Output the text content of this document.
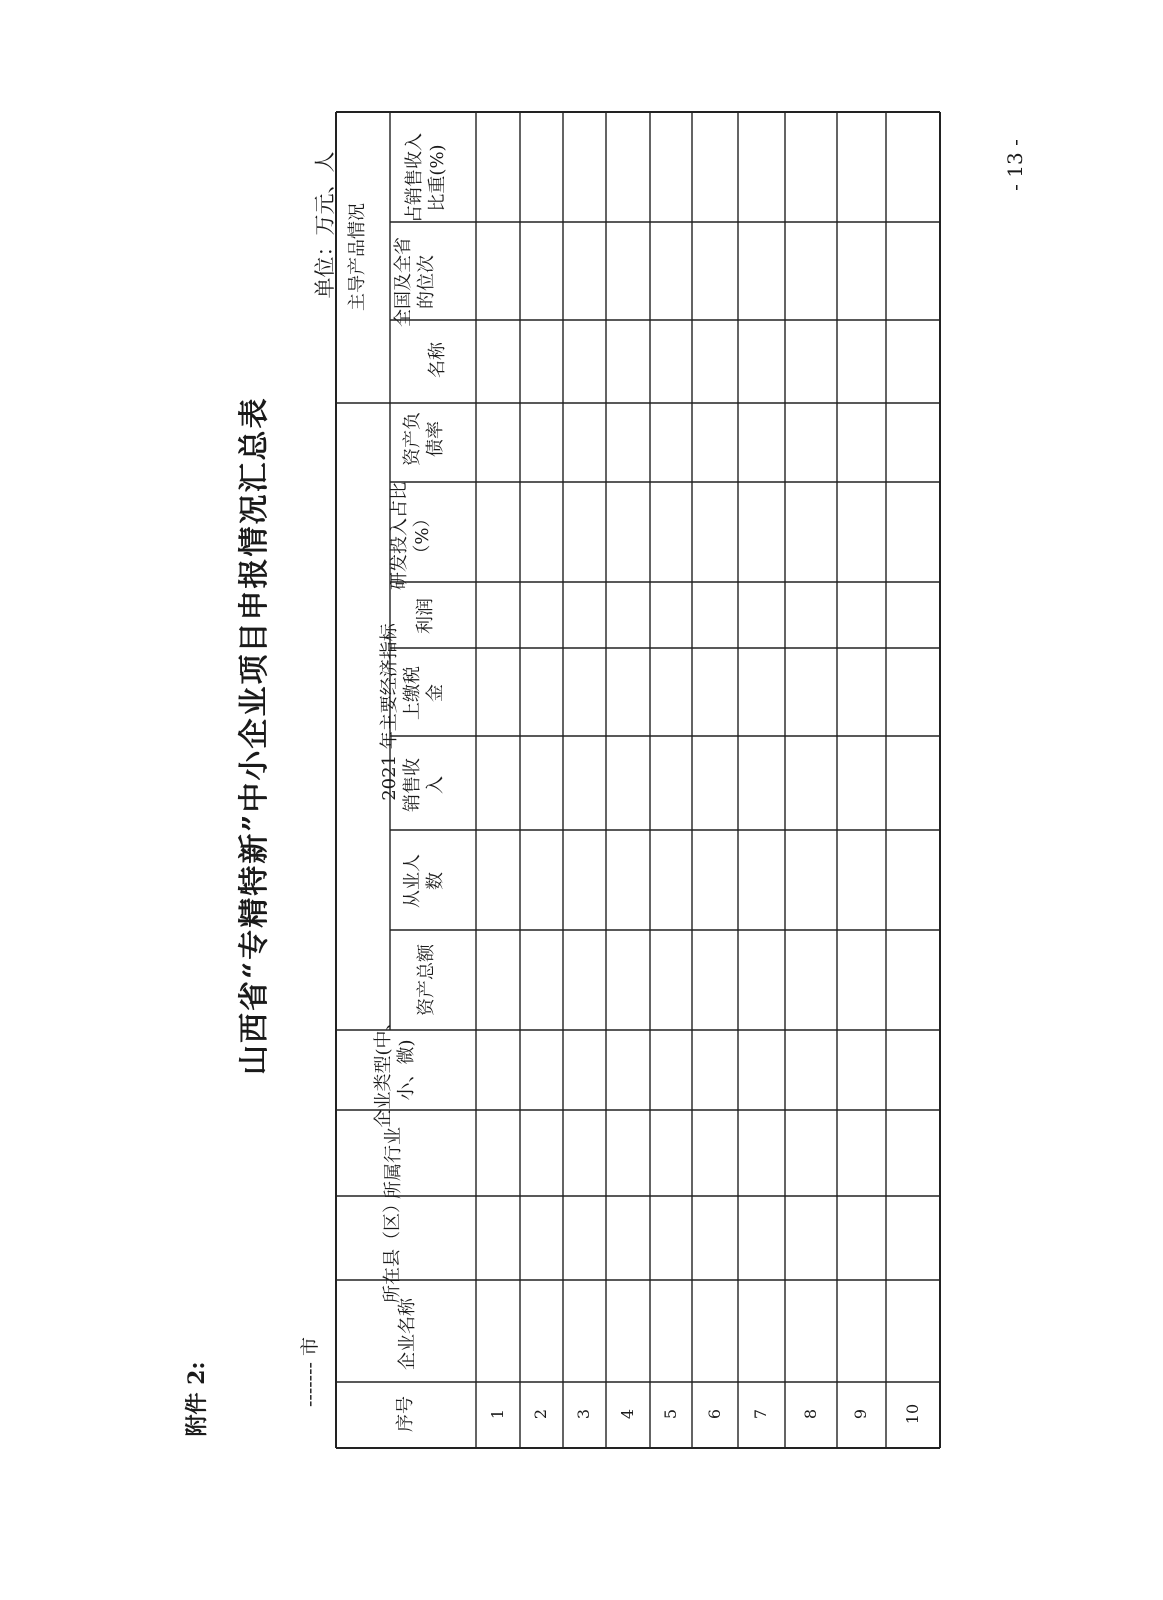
附件 2:
山西省“专精特新”中小企业项目申报情况汇总表
------- 市
单位：万元、人	- 13 -
序号
企业名称
所在县（区）
所属行业
企业类型(中、小、微)
2021 年主要经济指标
资产总额
从业人数
销售收入
上缴税金
利润
研发投入占比（%）
资产负债率
主导产品情况
名称
全国及全省的位次
占销售收入比重(%)
1 2 3 4 5 6 7 8 9 10
